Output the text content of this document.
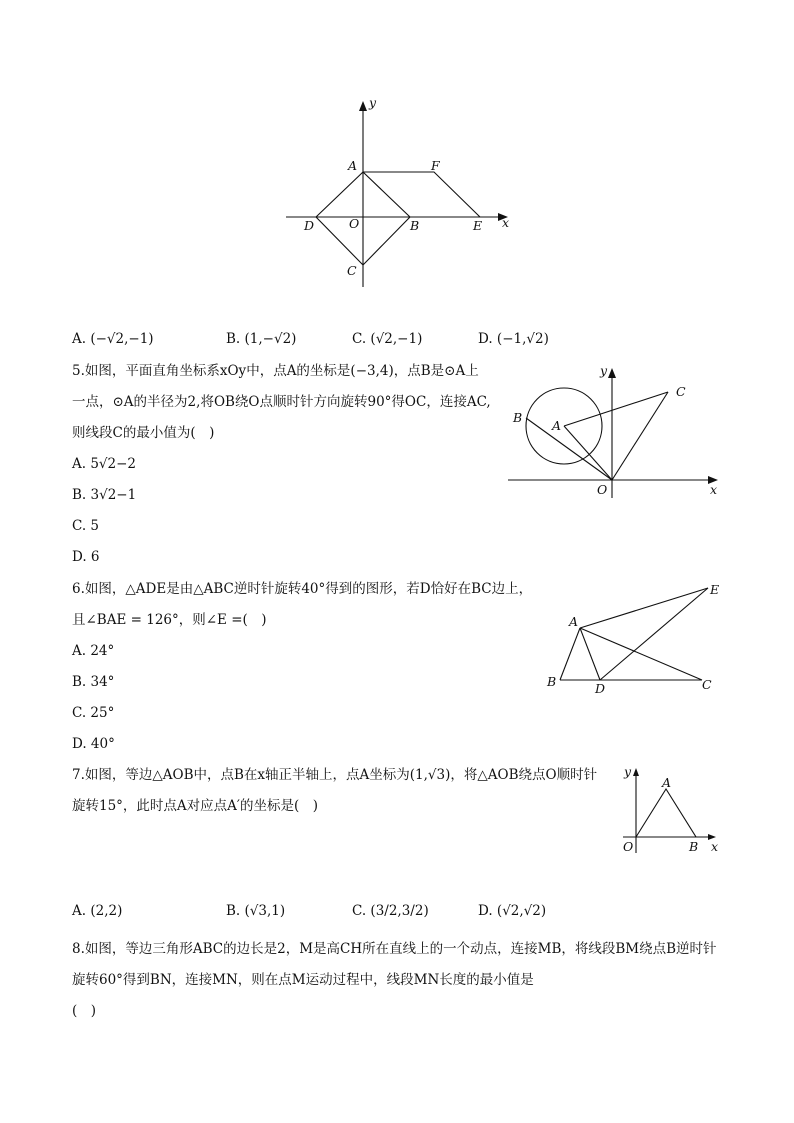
y
x
A	F
D	O	B	E
C
A. (−√2,−1)	B. (1,−√2)	C. (√2,−1)	D. (−1,√2)
5.如图，平面直角坐标系xOy中，点A的坐标是(−3,4)，点B是⊙A上
一点，⊙A的半径为2,将OB绕O点顺时针方向旋转90°得OC，连接AC,
则线段C的最小值为(　)
A. 5√2−2
B. 3√2−1
C. 5
D. 6
y
x
C
B
A
O
6.如图，△ADE是由△ABC逆时针旋转40°得到的图形，若D恰好在BC边上，
且∠BAE = 126°，则∠E =(　)
A. 24°
B. 34°
C. 25°
D. 40°
E
A
B	D	C
7.如图，等边△AOB中，点B在x轴正半轴上，点A坐标为(1,√3)，将△AOB绕点O顺时针
旋转15°，此时点A对应点A′的坐标是(　)
y
A
O	B x
A. (2,2)	B. (√3,1)	C. (3/2,3/2)	D. (√2,√2)
8.如图，等边三角形ABC的边长是2，M是高CH所在直线上的一个动点，连接MB，将线段BM绕点B逆时针
旋转60°得到BN，连接MN，则在点M运动过程中，线段MN长度的最小值是
(　)
